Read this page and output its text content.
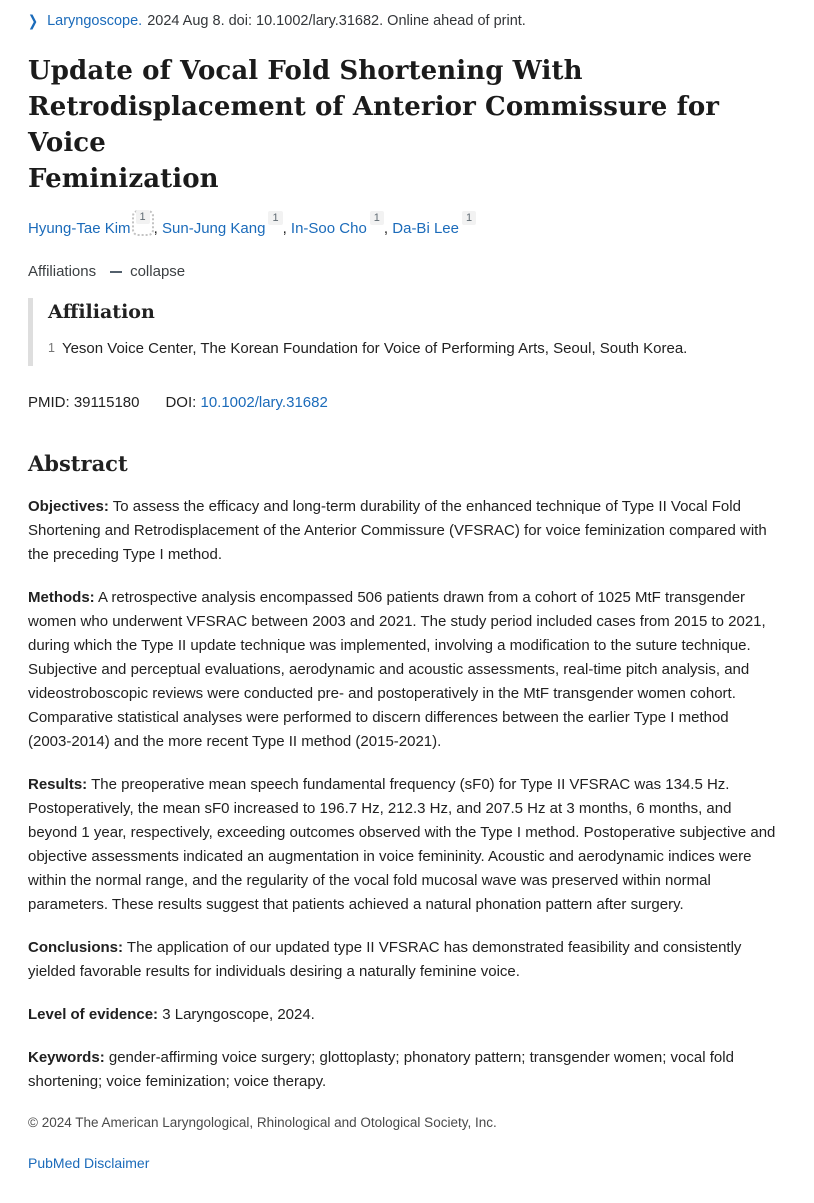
❯ Laryngoscope. 2024 Aug 8. doi: 10.1002/lary.31682. Online ahead of print.
Update of Vocal Fold Shortening With
Retrodisplacement of Anterior Commissure for Voice
Feminization
Hyung-Tae Kim$^1$, Sun-Jung Kang$^1$, In-Soo Cho$^1$, Da-Bi Lee$^1$
Affiliations collapse
Affiliation
1 Yeson Voice Center, The Korean Foundation for Voice of Performing Arts, Seoul, South Korea.
PMID: 39115180 DOI: 10.1002/lary.31682
Abstract

Objectives: To assess the efficacy and long-term durability of the enhanced technique of Type II Vocal Fold Shortening and Retrodisplacement of the Anterior Commissure (VFSRAC) for voice feminization compared with the preceding Type I method.

Methods: A retrospective analysis encompassed 506 patients drawn from a cohort of 1025 MtF transgender women who underwent VFSRAC between 2003 and 2021. The study period included cases from 2015 to 2021, during which the Type II update technique was implemented, involving a modification to the suture technique. Subjective and perceptual evaluations, aerodynamic and acoustic assessments, real-time pitch analysis, and videostroboscopic reviews were conducted pre- and postoperatively in the MtF transgender women cohort. Comparative statistical analyses were performed to discern differences between the earlier Type I method (2003-2014) and the more recent Type II method (2015-2021).

Results: The preoperative mean speech fundamental frequency (sF0) for Type II VFSRAC was 134.5 Hz. Postoperatively, the mean sF0 increased to 196.7 Hz, 212.3 Hz, and 207.5 Hz at 3 months, 6 months, and beyond 1 year, respectively, exceeding outcomes observed with the Type I method. Postoperative subjective and objective assessments indicated an augmentation in voice femininity. Acoustic and aerodynamic indices were within the normal range, and the regularity of the vocal fold mucosal wave was preserved within normal parameters. These results suggest that patients achieved a natural phonation pattern after surgery.

Conclusions: The application of our updated type II VFSRAC has demonstrated feasibility and consistently yielded favorable results for individuals desiring a naturally feminine voice.

Level of evidence: 3 Laryngoscope, 2024.

Keywords: gender-affirming voice surgery; glottoplasty; phonatory pattern; transgender women; vocal fold shortening; voice feminization; voice therapy.

© 2024 The American Laryngological, Rhinological and Otological Society, Inc.
PubMed Disclaimer
